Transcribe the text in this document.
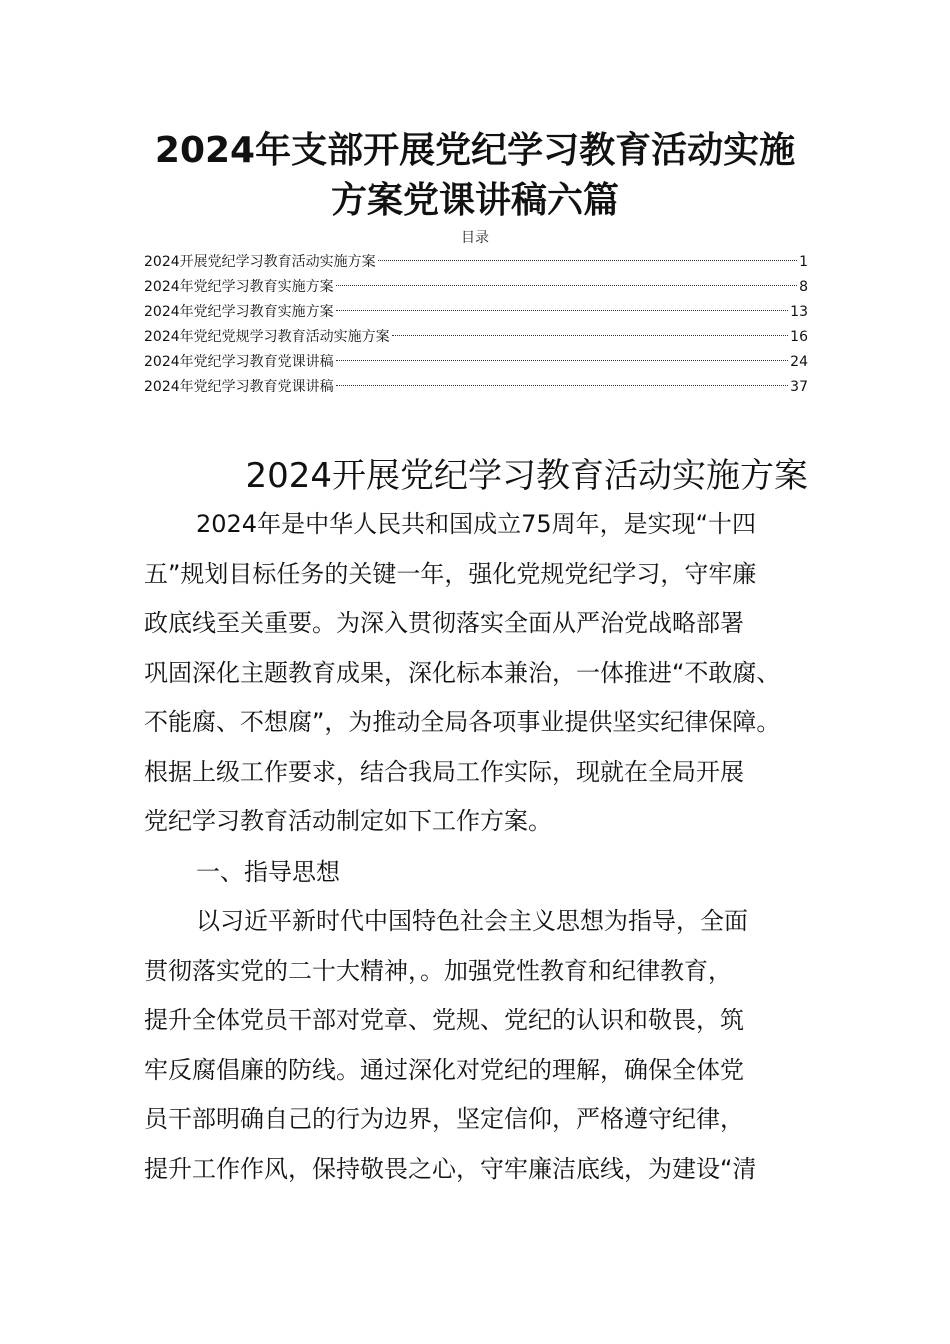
2024年支部开展党纪学习教育活动实施
方案党课讲稿六篇
目录
2024开展党纪学习教育活动实施方案	1
2024年党纪学习教育实施方案	8
2024年党纪学习教育实施方案	13
2024年党纪党规学习教育活动实施方案	16
2024年党纪学习教育党课讲稿	24
2024年党纪学习教育党课讲稿	37
2024开展党纪学习教育活动实施方案
2024年是中华人民共和国成立75周年，是实现“十四
五”规划目标任务的关键一年，强化党规党纪学习，守牢廉
政底线至关重要。为深入贯彻落实全面从严治党战略部署
巩固深化主题教育成果，深化标本兼治，一体推进“不敢腐、
不能腐、不想腐”，为推动全局各项事业提供坚实纪律保障。
根据上级工作要求，结合我局工作实际，现就在全局开展
党纪学习教育活动制定如下工作方案。
一、指导思想
以习近平新时代中国特色社会主义思想为指导，全面
贯彻落实党的二十大精神，。加强党性教育和纪律教育，
提升全体党员干部对党章、党规、党纪的认识和敬畏，筑
牢反腐倡廉的防线。通过深化对党纪的理解，确保全体党
员干部明确自己的行为边界，坚定信仰，严格遵守纪律，
提升工作作风，保持敬畏之心，守牢廉洁底线，为建设“清
